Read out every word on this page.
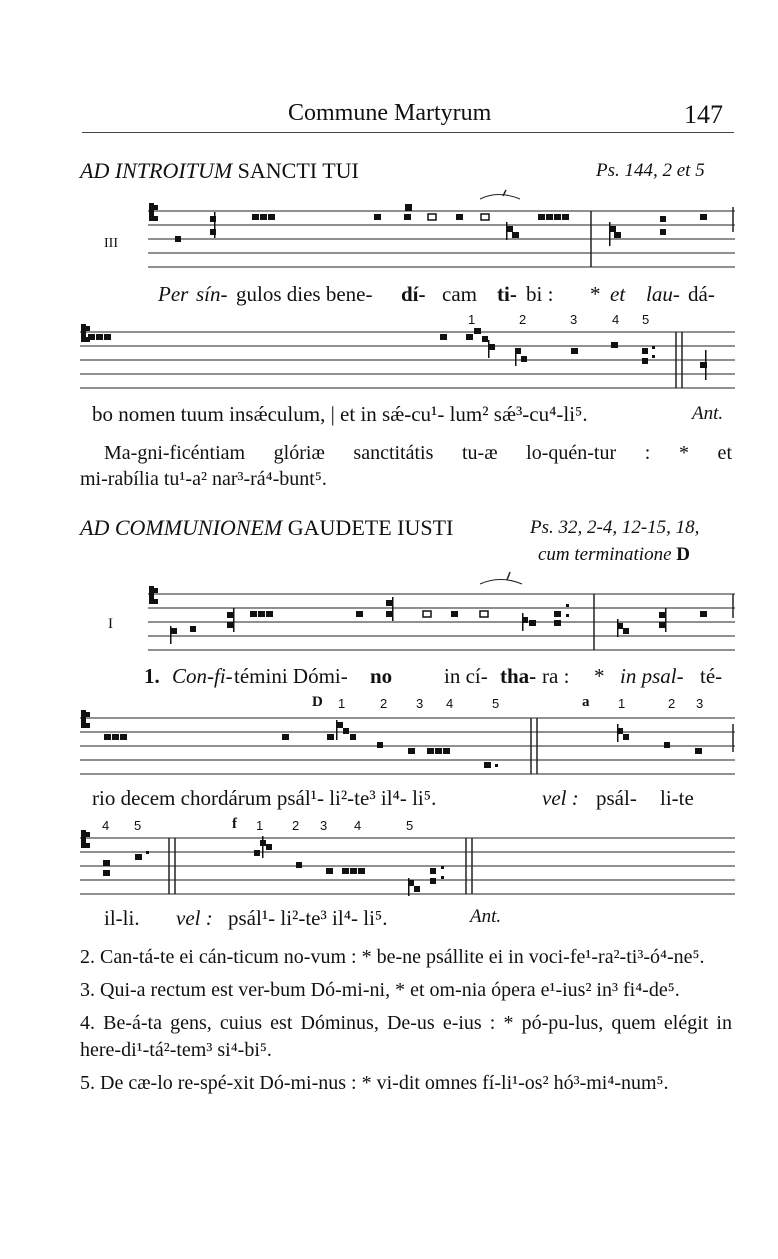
Commune Martyrum	147
AD INTROITUM SANCTI TUI	Ps. 144, 2 et 5
III
Per sín- gulos dies bene- dí- cam ti- bi : * et lau- dá-
1	2	3	4 5
bo nomen tuum insǽculum, | et in sǽ-cu¹- lum² sǽ³-cu⁴-li⁵.	Ant.

Ma-gni-ficéntiam glóriæ sanctitátis tu-æ lo-quén-tur : * et

mi-rabília tu¹-a² nar³-rá⁴-bunt⁵.

AD COMMUNIONEM GAUDETE IUSTI	Ps. 32, 2-4, 12-15, 18,
cum terminatione D
I
1. Con-fi- témini Dómi- no in cí- tha- ra : * in psal- té-
D 1	2 3 4	5	a 1	2 3
rio decem chordárum psál¹- li²-te³ il⁴- li⁵.	vel : psál- li-te
4 5	f 1 2 3 4	5
il-li. vel : psál¹- li²-te³ il⁴- li⁵.	Ant.

2. Can-tá-te ei cán-ticum no-vum : * be-ne psállite ei in voci-fe¹-ra²-ti³-ó⁴-ne⁵.

3. Qui-a rectum est ver-bum Dó-mi-ni, * et om-nia ópera e¹-ius² in³ fi⁴-de⁵.

4. Be-á-ta gens, cuius est Dóminus, De-us e-ius : * pó-pu-lus, quem elégit in here-di¹-tá²-tem³ si⁴-bi⁵.

5. De cæ-lo re-spé-xit Dó-mi-nus : * vi-dit omnes fí-li¹-os² hó³-mi⁴-num⁵.
